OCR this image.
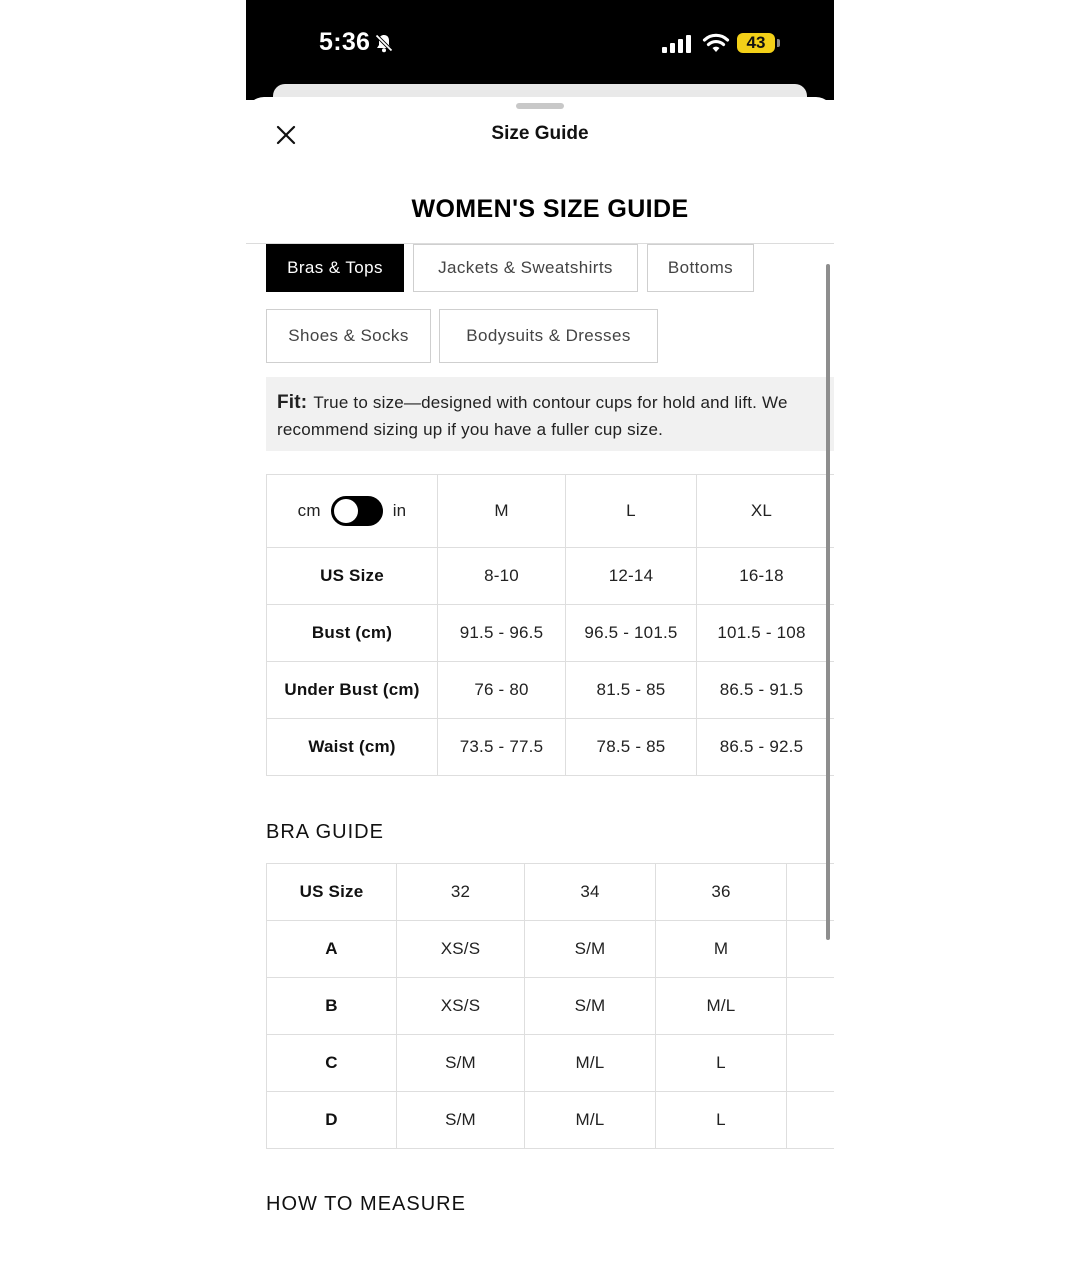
5:36	43
Size Guide
WOMEN'S SIZE GUIDE
Bras & Tops	Jackets & Sweatshirts	Bottoms
Shoes & Socks	Bodysuits & Dresses
Fit: True to size—designed with contour cups for hold and lift. We recommend sizing up if you have a fuller cup size.
cm in	M	L	XL	
US Size	8-10	12-14	16-18	
Bust (cm)	91.5 - 96.5	96.5 - 101.5	101.5 - 108	
Under Bust (cm)	76 - 80	81.5 - 85	86.5 - 91.5	
Waist (cm)	73.5 - 77.5	78.5 - 85	86.5 - 92.5	
BRA GUIDE
US Size	32	34	36	
A	XS/S	S/M	M	
B	XS/S	S/M	M/L	
C	S/M	M/L	L	
D	S/M	M/L	L	
HOW TO MEASURE
